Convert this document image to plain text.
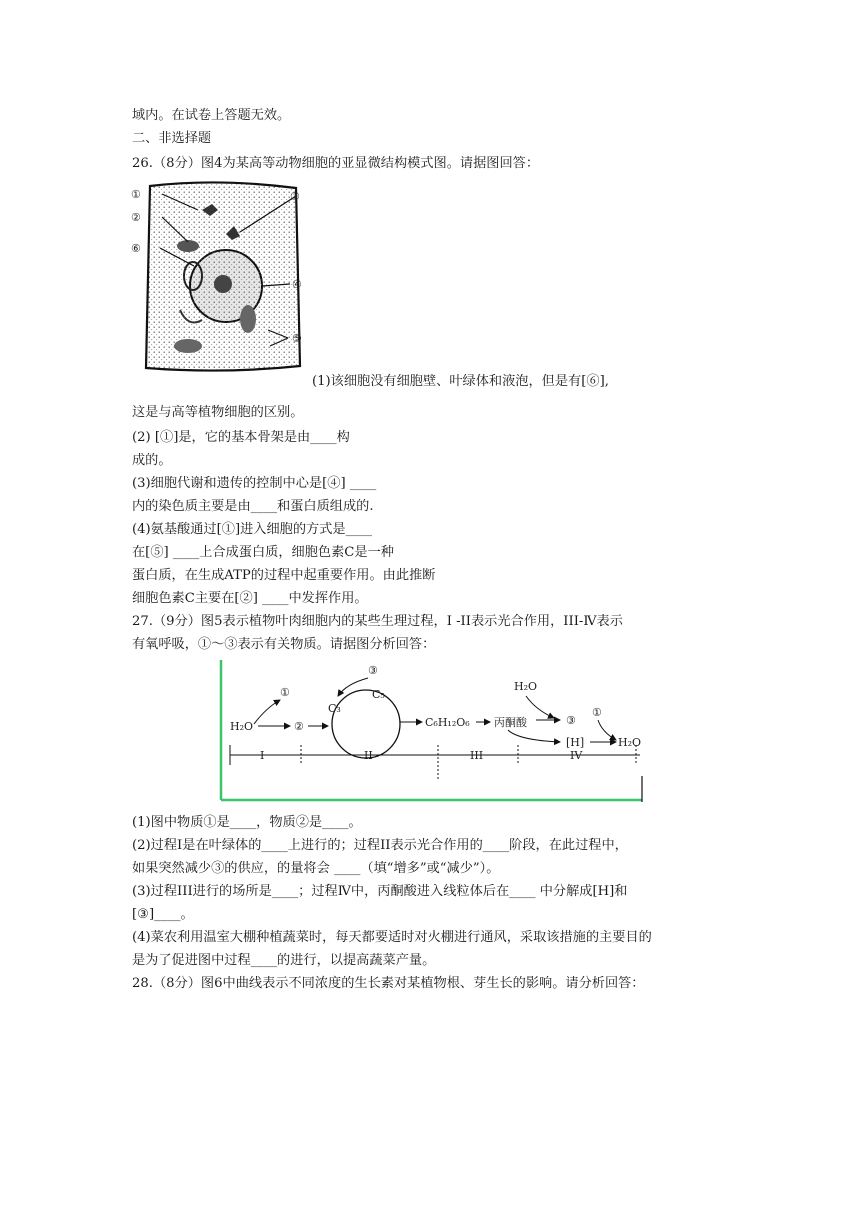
域内。在试卷上答题无效。
二、非选择题
26.（8分）图4为某高等动物细胞的亚显微结构模式图。请据图回答：
①
②
③
⑥
④
⑤
(1)该细胞没有细胞壁、叶绿体和液泡，但是有[⑥],
这是与高等植物细胞的区别。
(2) [①]是，它的基本骨架是由____构
成的。
(3)细胞代谢和遗传的控制中心是[④] ____
内的染色质主要是由____和蛋白质组成的.
(4)氨基酸通过[①]进入细胞的方式是____
在[⑤] ____上合成蛋白质，细胞色素C是一种
蛋白质，在生成ATP的过程中起重要作用。由此推断
细胞色素C主要在[②] ____中发挥作用。
27.（9分）图5表示植物叶肉细胞内的某些生理过程，I -II表示光合作用，III-Ⅳ表示
有氧呼吸，①～③表示有关物质。请据图分析回答：
I	II	III	IV
H₂O
①
②
③
C₃
C₅
C₆H₁₂O₆ 丙酮酸
H₂O
③
[H]
①
H₂O
(1)图中物质①是____，物质②是____。
(2)过程I是在叶绿体的____上进行的；过程II表示光合作用的____阶段，在此过程中，
如果突然减少③的供应，的量将会 ____（填“增多”或“减少”）。
(3)过程III进行的场所是____；过程Ⅳ中，丙酮酸进入线粒体后在____ 中分解成[H]和
[③]____。
(4)菜农利用温室大棚种植蔬菜时，每天都要适时对火棚进行通风，采取该措施的主要目的
是为了促进图中过程____的进行，以提高蔬菜产量。
28.（8分）图6中曲线表示不同浓度的生长素对某植物根、芽生长的影响。请分析回答：
